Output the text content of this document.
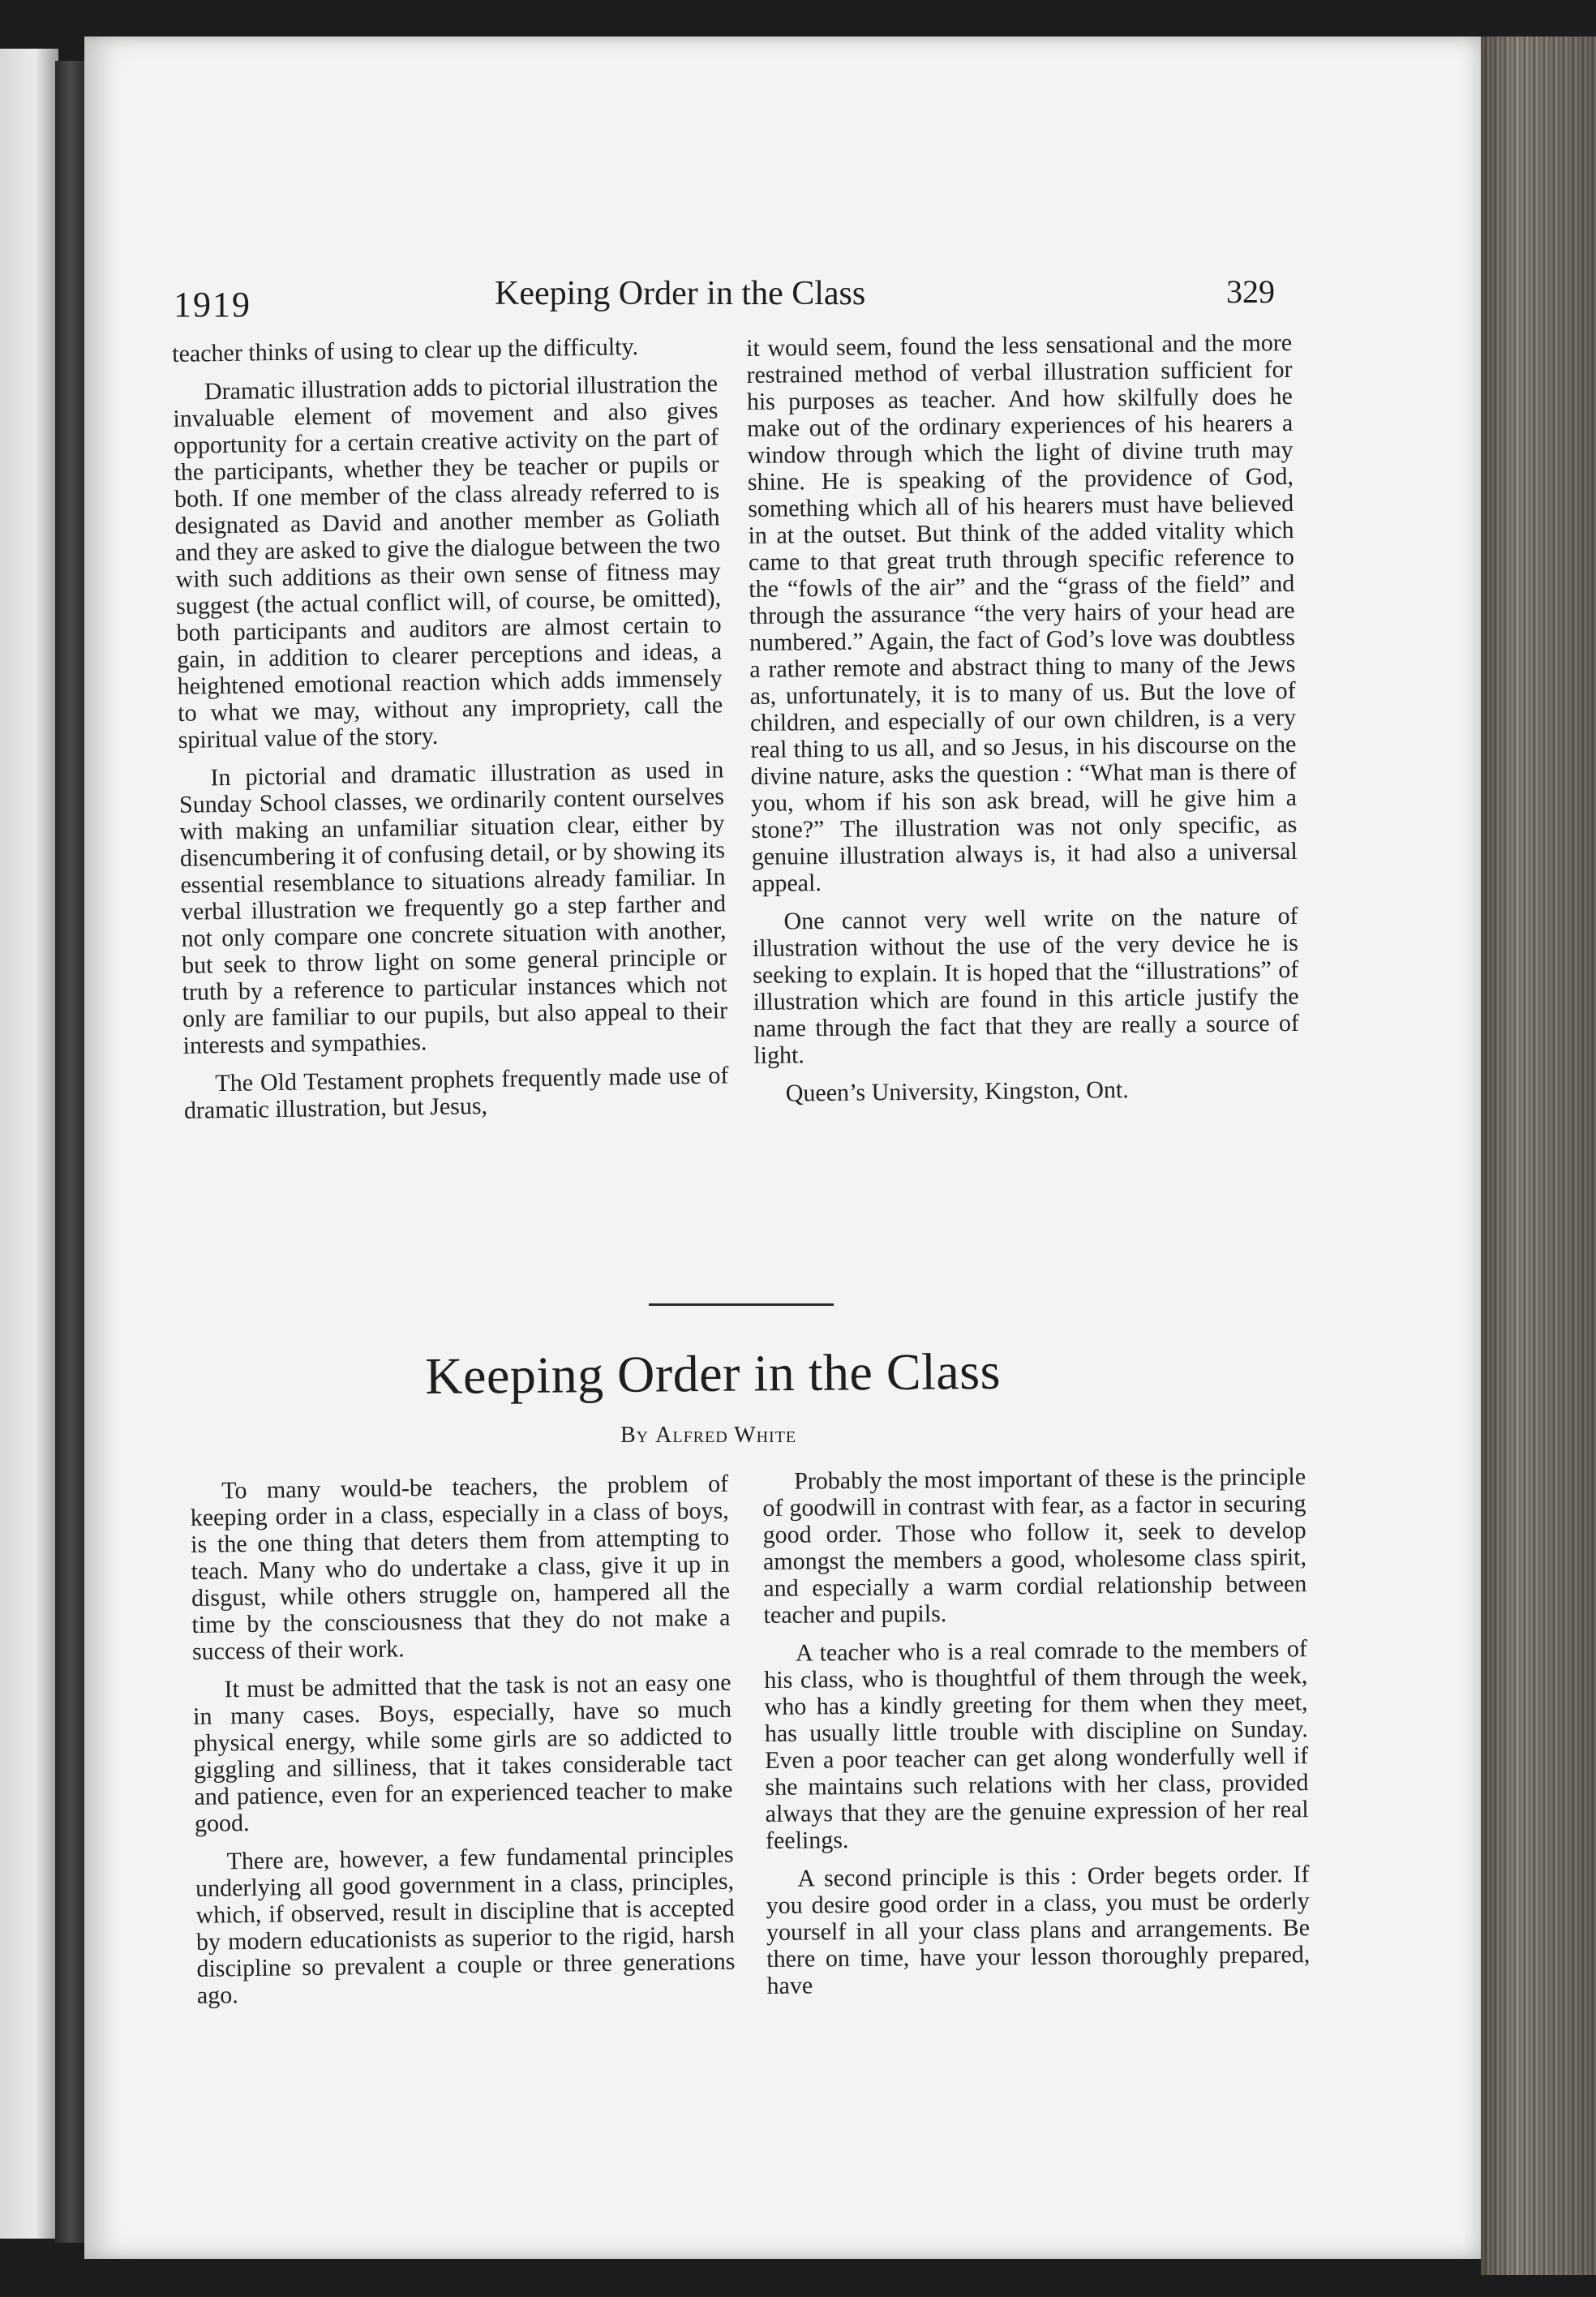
1919	Keeping Order in the Class	329

teacher thinks of using to clear up the difficulty.

Dramatic illustration adds to pictorial illustration the invaluable element of movement and also gives opportunity for a certain creative activity on the part of the participants, whether they be teacher or pupils or both. If one member of the class already referred to is designated as David and another member as Goliath and they are asked to give the dialogue between the two with such additions as their own sense of fitness may suggest (the actual conflict will, of course, be omitted), both participants and auditors are almost certain to gain, in addition to clearer perceptions and ideas, a heightened emotional reaction which adds immensely to what we may, without any impropriety, call the spiritual value of the story.

In pictorial and dramatic illustration as used in Sunday School classes, we ordinarily content ourselves with making an unfamiliar situation clear, either by disencumbering it of confusing detail, or by showing its essential resemblance to situations already familiar. In verbal illustration we frequently go a step farther and not only compare one concrete situation with another, but seek to throw light on some general principle or truth by a reference to particular instances which not only are familiar to our pupils, but also appeal to their interests and sympathies.

The Old Testament prophets frequently made use of dramatic illustration, but Jesus,

it would seem, found the less sensational and the more restrained method of verbal illustration sufficient for his purposes as teacher. And how skilfully does he make out of the ordinary experiences of his hearers a window through which the light of divine truth may shine. He is speaking of the providence of God, something which all of his hearers must have believed in at the outset. But think of the added vitality which came to that great truth through specific reference to the “fowls of the air” and the “grass of the field” and through the assurance “the very hairs of your head are numbered.” Again, the fact of God’s love was doubtless a rather remote and abstract thing to many of the Jews as, unfortunately, it is to many of us. But the love of children, and especially of our own children, is a very real thing to us all, and so Jesus, in his discourse on the divine nature, asks the question : “What man is there of you, whom if his son ask bread, will he give him a stone?” The illustration was not only specific, as genuine illustration always is, it had also a universal appeal.

One cannot very well write on the nature of illustration without the use of the very device he is seeking to explain. It is hoped that the “illustrations” of illustration which are found in this article justify the name through the fact that they are really a source of light.

Queen’s University, Kingston, Ont.

Keeping Order in the Class
By Alfred White

To many would-be teachers, the problem of keeping order in a class, especially in a class of boys, is the one thing that deters them from attempting to teach. Many who do undertake a class, give it up in disgust, while others struggle on, hampered all the time by the consciousness that they do not make a success of their work.

It must be admitted that the task is not an easy one in many cases. Boys, especially, have so much physical energy, while some girls are so addicted to giggling and silliness, that it takes considerable tact and patience, even for an experienced teacher to make good.

There are, however, a few fundamental principles underlying all good government in a class, principles, which, if observed, result in discipline that is accepted by modern educationists as superior to the rigid, harsh discipline so prevalent a couple or three generations ago.

Probably the most important of these is the principle of goodwill in contrast with fear, as a factor in securing good order. Those who follow it, seek to develop amongst the members a good, wholesome class spirit, and especially a warm cordial relationship between teacher and pupils.

A teacher who is a real comrade to the members of his class, who is thoughtful of them through the week, who has a kindly greeting for them when they meet, has usually little trouble with discipline on Sunday. Even a poor teacher can get along wonderfully well if she maintains such relations with her class, provided always that they are the genuine expression of her real feelings.

A second principle is this : Order begets order. If you desire good order in a class, you must be orderly yourself in all your class plans and arrangements. Be there on time, have your lesson thoroughly prepared, have
